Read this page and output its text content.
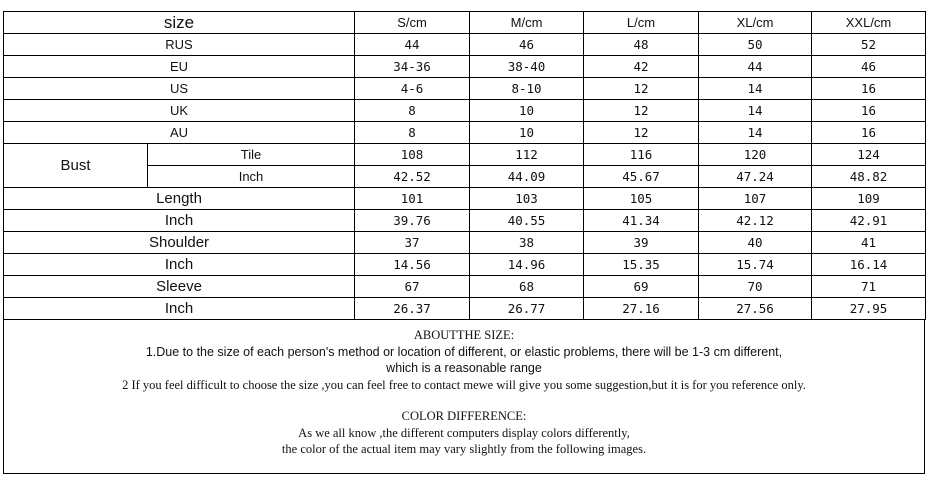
size		S/cm	M/cm	L/cm	XL/cm	XXL/cm
RUS		44	46	48	50	52
EU		34-36	38-40	42	44	46
US		4-6	8-10	12	14	16
UK		8	10	12	14	16
AU		8	10	12	14	16
Bust	Tile	108	112	116	120	124
	Inch	42.52	44.09	45.67	47.24	48.82
Length		101	103	105	107	109
Inch		39.76	40.55	41.34	42.12	42.91
Shoulder		37	38	39	40	41
Inch		14.56	14.96	15.35	15.74	16.14
Sleeve		67	68	69	70	71
Inch		26.37	26.77	27.16	27.56	27.95

ABOUTTHE SIZE:

1.Due to the size of each person's method or location of different, or elastic problems, there will be 1-3 cm different,

which is a reasonable range

2 If you feel difficult to choose the size ,you can feel free to contact mewe will give you some suggestion,but it is for you reference only.

COLOR DIFFERENCE:

As we all know ,the different computers display colors differently,

the color of the actual item may vary slightly from the following images.
